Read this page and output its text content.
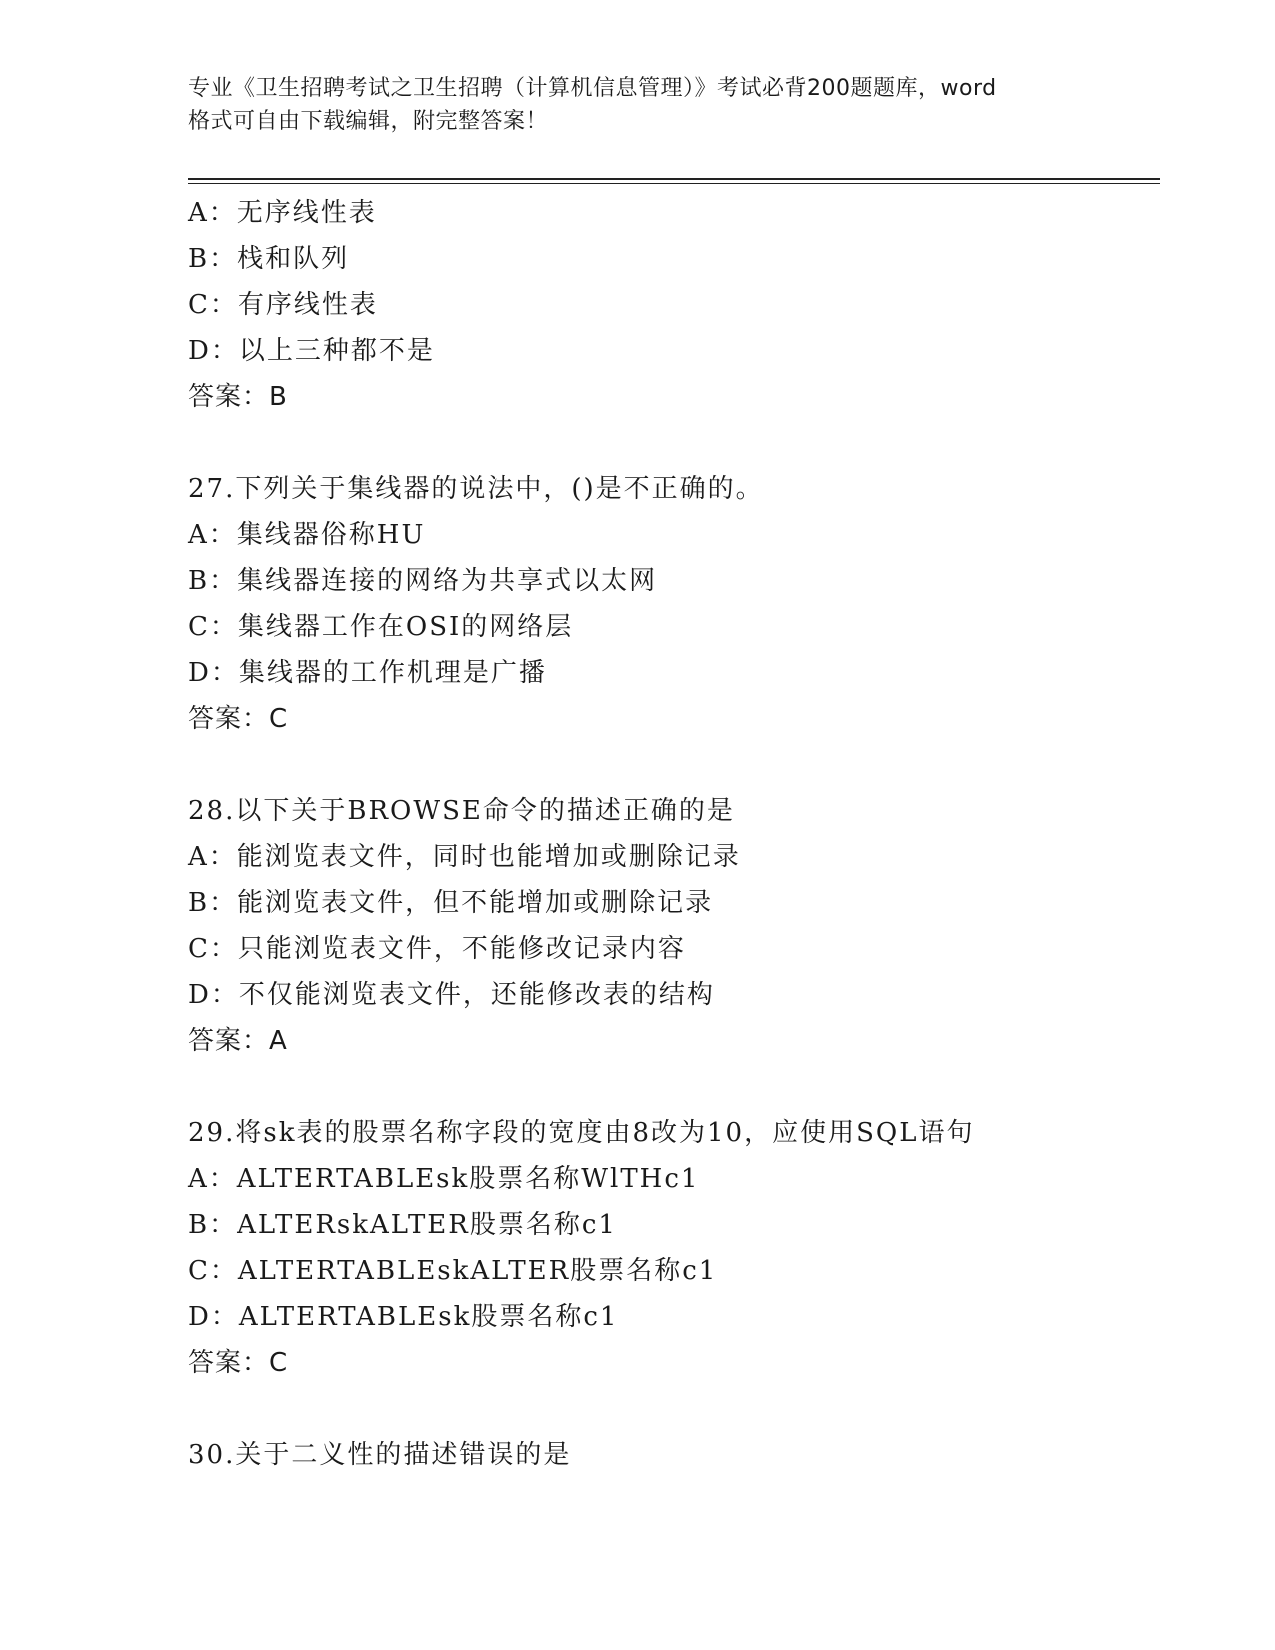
专业《卫生招聘考试之卫生招聘（计算机信息管理）》考试必背200题题库，word
格式可自由下载编辑，附完整答案！
A：无序线性表
B：栈和队列
C：有序线性表
D：以上三种都不是
答案：B
27.下列关于集线器的说法中，()是不正确的。
A：集线器俗称HU
B：集线器连接的网络为共享式以太网
C：集线器工作在OSI的网络层
D：集线器的工作机理是广播
答案：C
28.以下关于BROWSE命令的描述正确的是
A：能浏览表文件，同时也能增加或删除记录
B：能浏览表文件，但不能增加或删除记录
C：只能浏览表文件，不能修改记录内容
D：不仅能浏览表文件，还能修改表的结构
答案：A
29.将sk表的股票名称字段的宽度由8改为10，应使用SQL语句
A：ALTERTABLEsk股票名称WlTHc1
B：ALTERskALTER股票名称c1
C：ALTERTABLEskALTER股票名称c1
D：ALTERTABLEsk股票名称c1
答案：C
30.关于二义性的描述错误的是
